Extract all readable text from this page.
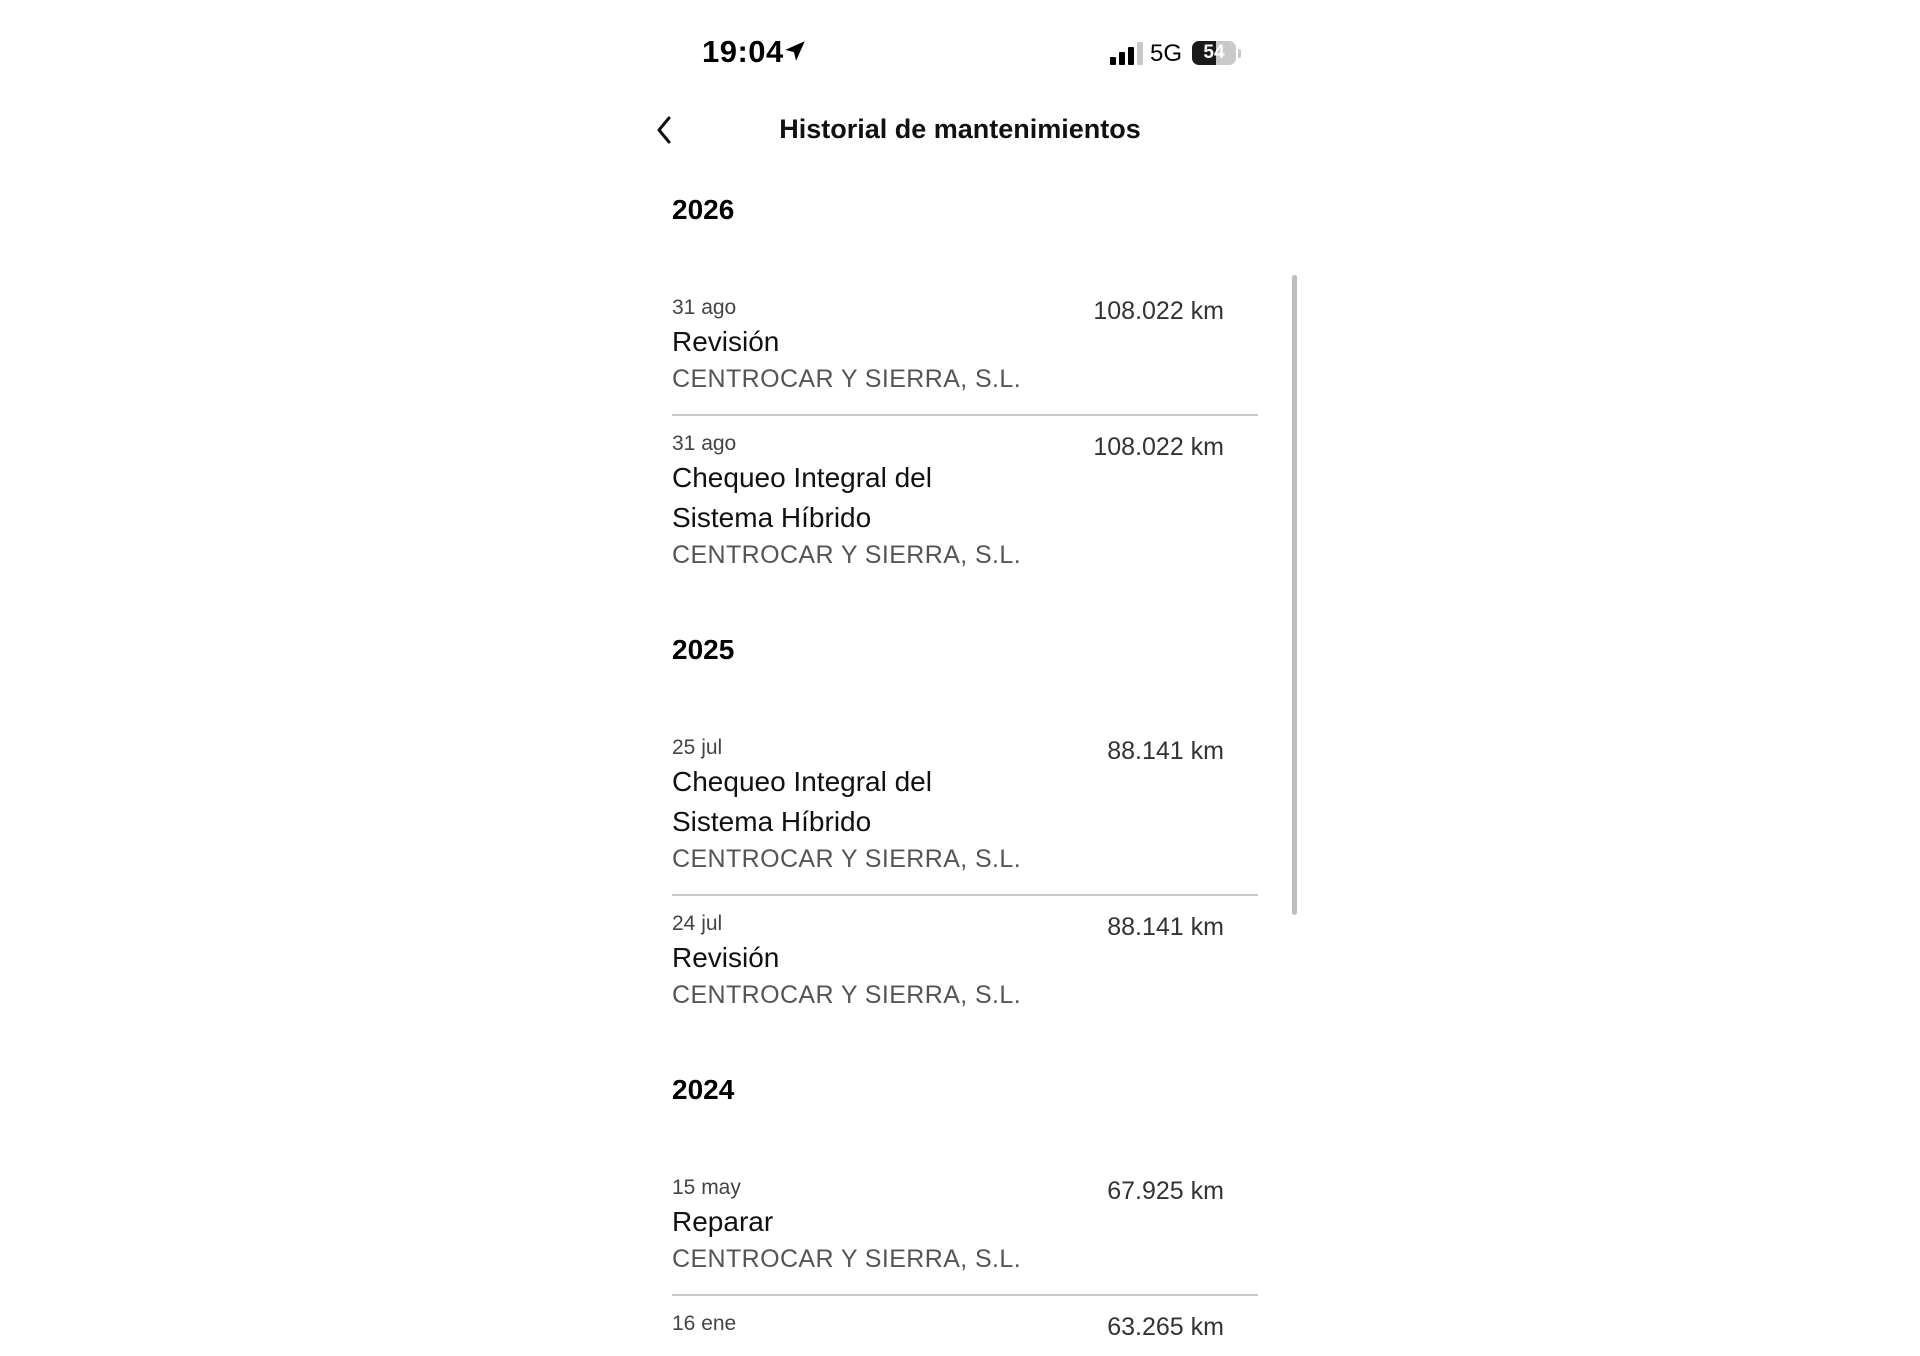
19:04	5G	54
Historial de mantenimientos
2026
31 ago
Revisión
CENTROCAR Y SIERRA, S.L.
108.022 km
31 ago
Chequeo Integral del Sistema Híbrido
CENTROCAR Y SIERRA, S.L.
108.022 km
2025
25 jul
Chequeo Integral del Sistema Híbrido
CENTROCAR Y SIERRA, S.L.
88.141 km
24 jul
Revisión
CENTROCAR Y SIERRA, S.L.
88.141 km
2024
15 may
Reparar
CENTROCAR Y SIERRA, S.L.
67.925 km
16 ene	63.265 km
